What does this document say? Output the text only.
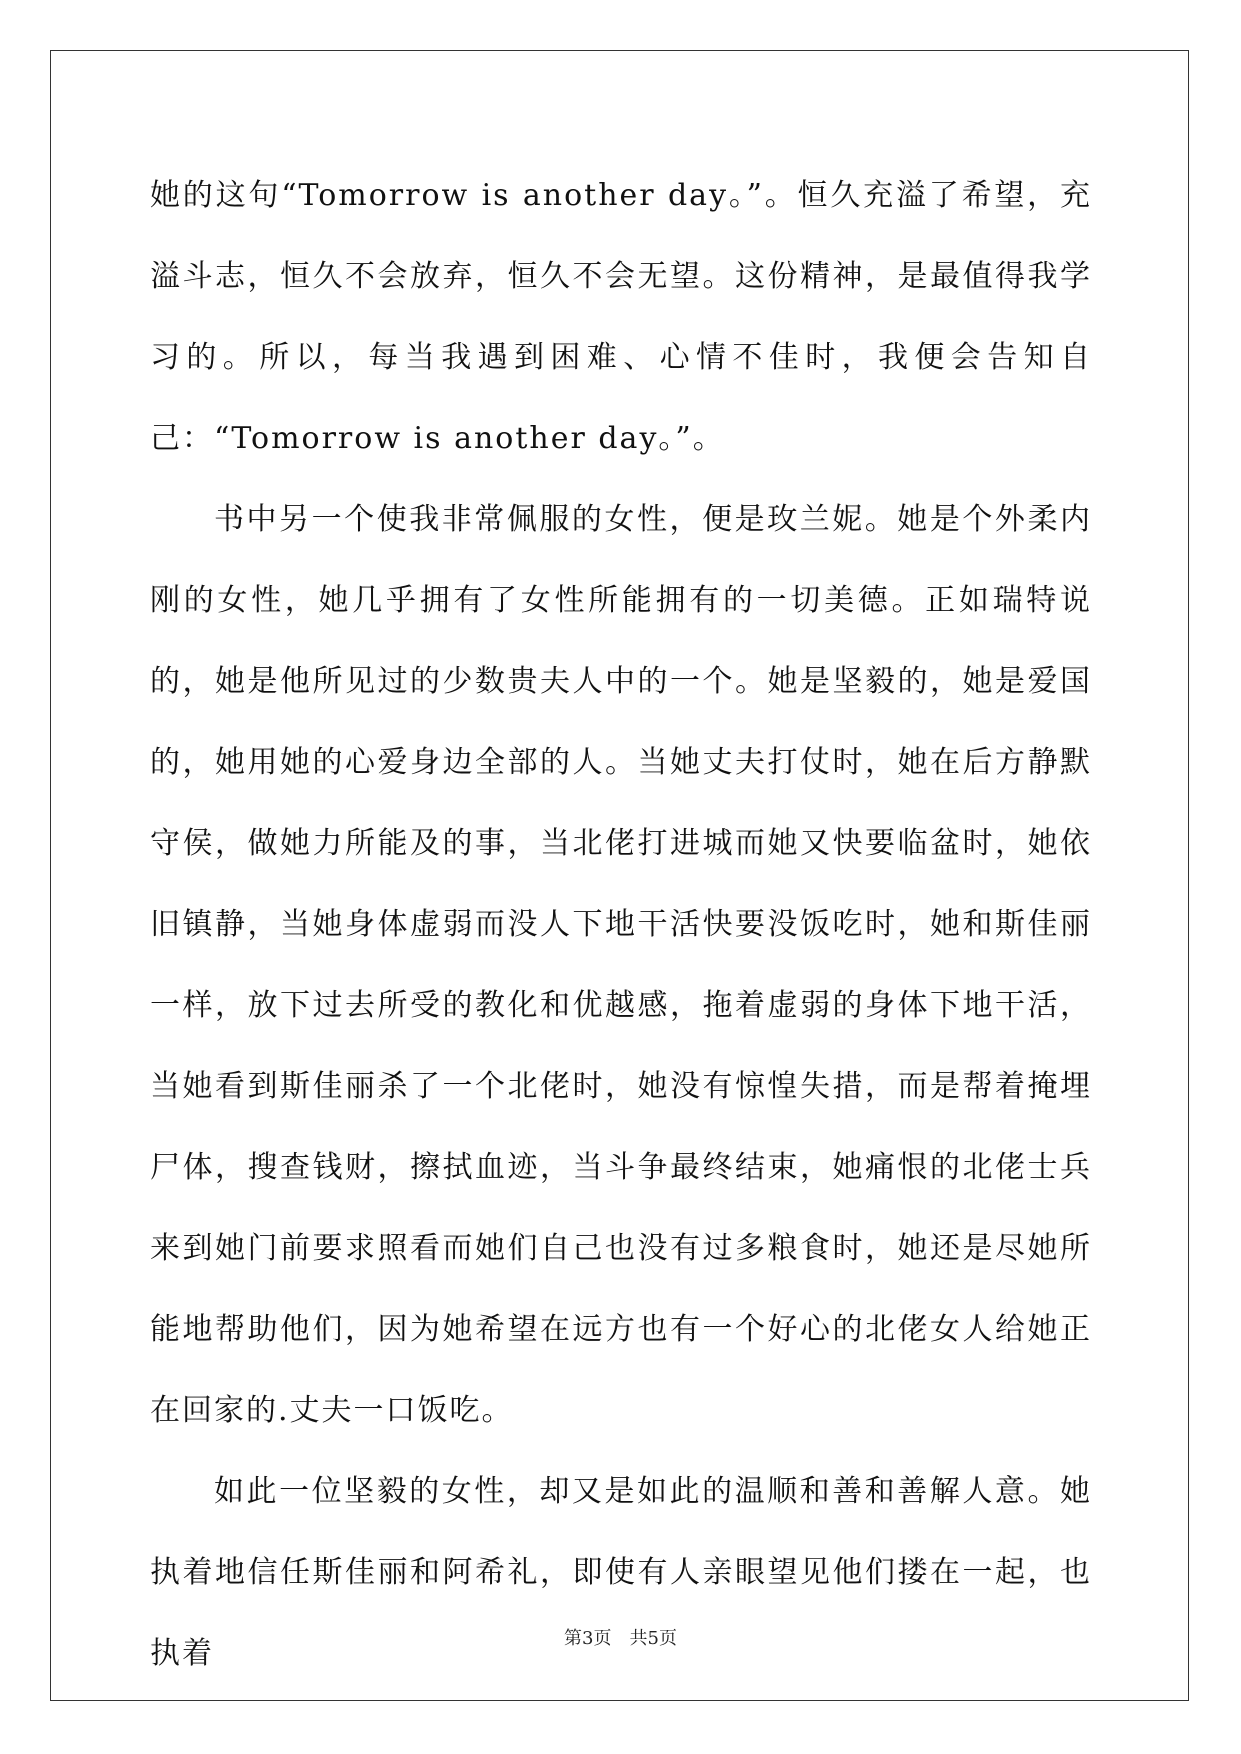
她的这句“Tomorrow is another day。”。恒久充溢了希望，充溢斗志，恒久不会放弃，恒久不会无望。这份精神，是最值得我学习的。所以，每当我遇到困难、心情不佳时，我便会告知自己：“Tomorrow is another day。”。

书中另一个使我非常佩服的女性，便是玫兰妮。她是个外柔内刚的女性，她几乎拥有了女性所能拥有的一切美德。正如瑞特说的，她是他所见过的少数贵夫人中的一个。她是坚毅的，她是爱国的，她用她的心爱身边全部的人。当她丈夫打仗时，她在后方静默守侯，做她力所能及的事，当北佬打进城而她又快要临盆时，她依旧镇静，当她身体虚弱而没人下地干活快要没饭吃时，她和斯佳丽一样，放下过去所受的教化和优越感，拖着虚弱的身体下地干活，当她看到斯佳丽杀了一个北佬时，她没有惊惶失措，而是帮着掩埋尸体，搜查钱财，擦拭血迹，当斗争最终结束，她痛恨的北佬士兵来到她门前要求照看而她们自己也没有过多粮食时，她还是尽她所能地帮助他们，因为她希望在远方也有一个好心的北佬女人给她正在回家的.丈夫一口饭吃。

如此一位坚毅的女性，却又是如此的温顺和善和善解人意。她执着地信任斯佳丽和阿希礼，即使有人亲眼望见他们搂在一起，也执着	第3页　共5页
